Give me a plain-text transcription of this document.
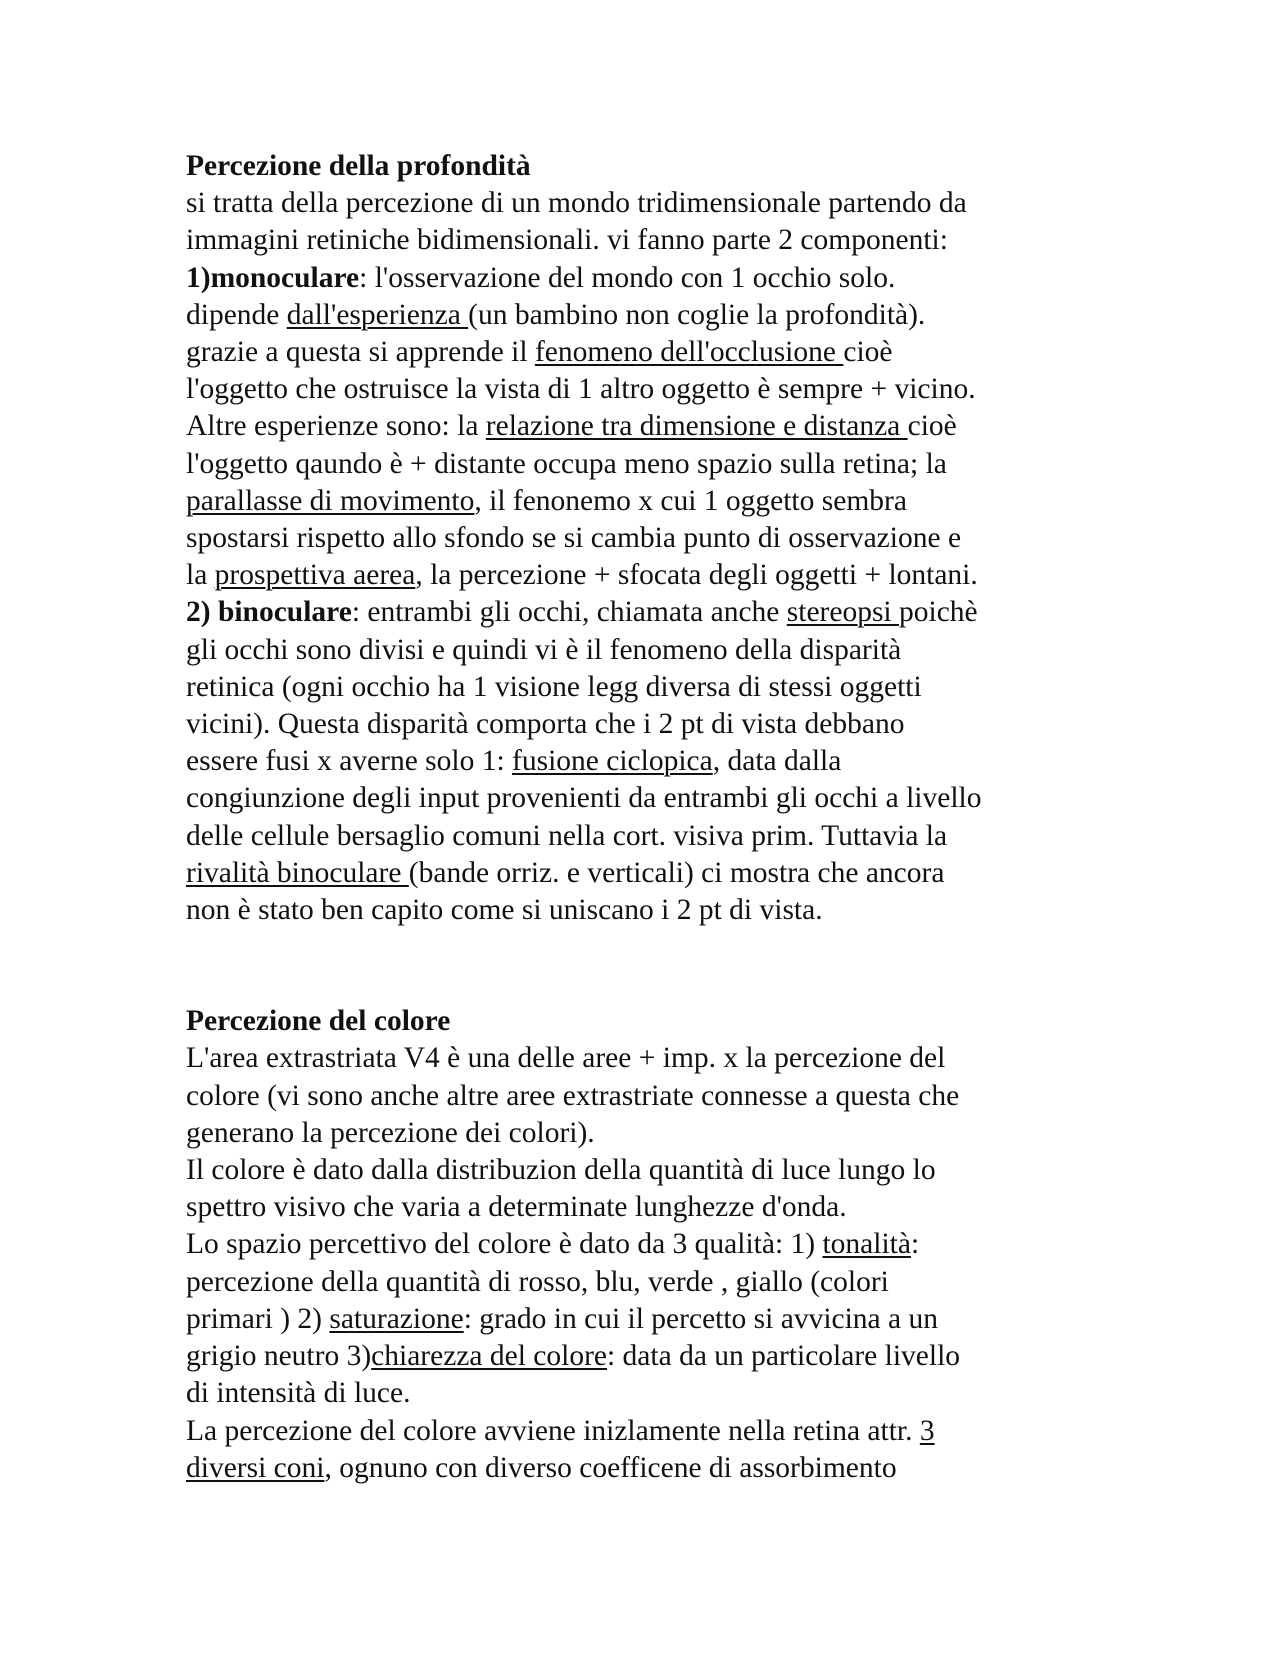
Percezione della profondità
si tratta della percezione di un mondo tridimensionale partendo da
immagini retiniche bidimensionali. vi fanno parte 2 componenti:
1)monoculare: l'osservazione del mondo con 1 occhio solo.
dipende dall'esperienza (un bambino non coglie la profondità).
grazie a questa si apprende il fenomeno dell'occlusione cioè
l'oggetto che ostruisce la vista di 1 altro oggetto è sempre + vicino.
Altre esperienze sono: la relazione tra dimensione e distanza cioè
l'oggetto qaundo è + distante occupa meno spazio sulla retina; la
parallasse di movimento, il fenonemo x cui 1 oggetto sembra
spostarsi rispetto allo sfondo se si cambia punto di osservazione e
la prospettiva aerea, la percezione + sfocata degli oggetti + lontani.
2) binoculare: entrambi gli occhi, chiamata anche stereopsi poichè
gli occhi sono divisi e quindi vi è il fenomeno della disparità
retinica (ogni occhio ha 1 visione legg diversa di stessi oggetti
vicini). Questa disparità comporta che i 2 pt di vista debbano
essere fusi x averne solo 1: fusione ciclopica, data dalla
congiunzione degli input provenienti da entrambi gli occhi a livello
delle cellule bersaglio comuni nella cort. visiva prim. Tuttavia la
rivalità binoculare (bande orriz. e verticali) ci mostra che ancora
non è stato ben capito come si uniscano i 2 pt di vista.
Percezione del colore
L'area extrastriata V4 è una delle aree + imp. x la percezione del
colore (vi sono anche altre aree extrastriate connesse a questa che
generano la percezione dei colori).
Il colore è dato dalla distribuzion della quantità di luce lungo lo
spettro visivo che varia a determinate lunghezze d'onda.
Lo spazio percettivo del colore è dato da 3 qualità: 1) tonalità:
percezione della quantità di rosso, blu, verde , giallo (colori
primari ) 2) saturazione: grado in cui il percetto si avvicina a un
grigio neutro 3)chiarezza del colore: data da un particolare livello
di intensità di luce.
La percezione del colore avviene inizlamente nella retina attr. 3
diversi coni, ognuno con diverso coefficene di assorbimento
